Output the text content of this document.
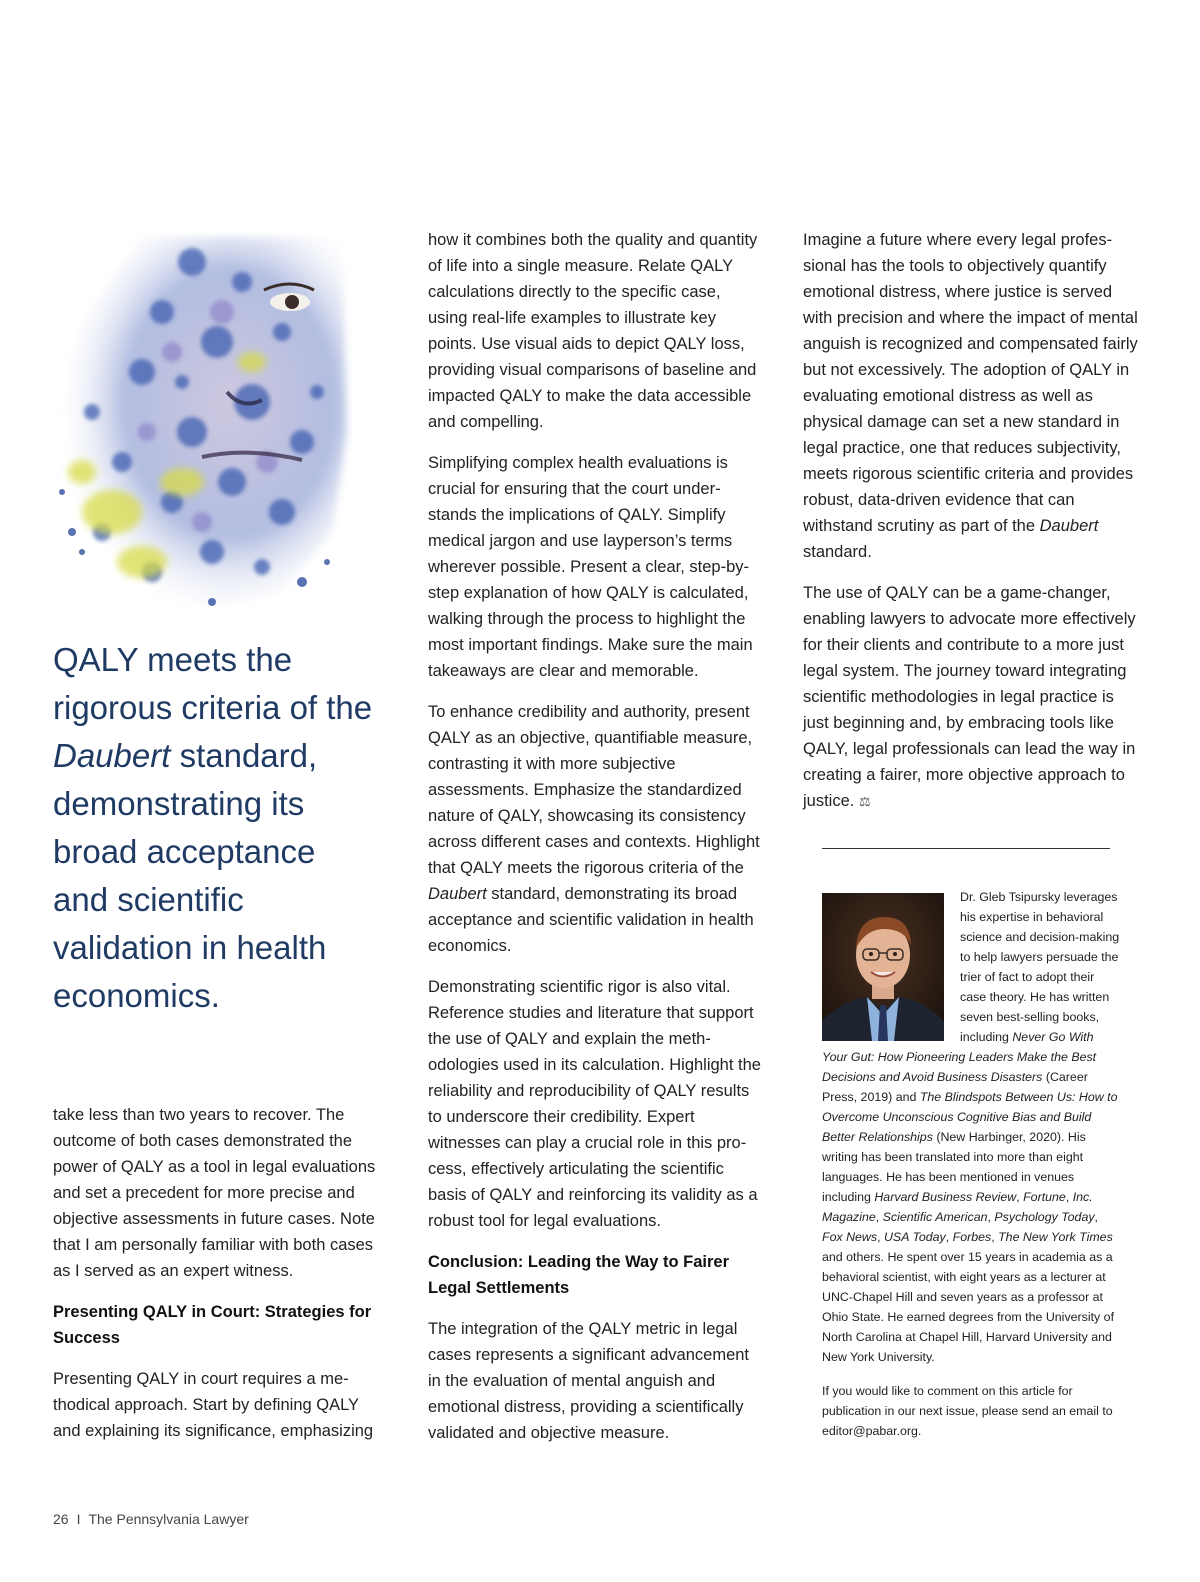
QALY meets the rigorous criteria of the Daubert standard, demonstrating its broad acceptance and scientific validation in health economics.

take less than two years to recover. The outcome of both cases demonstrated the power of QALY as a tool in legal evaluations and set a precedent for more precise and objective assessments in future cases. Note that I am personally familiar with both cases as I served as an expert witness.

Presenting QALY in Court: Strategies for Success

Presenting QALY in court requires a methodical approach. Start by defining QALY and explaining its significance, emphasizing

how it combines both the quality and quantity of life into a single measure. Relate QALY calculations directly to the specific case, using real-life examples to illustrate key points. Use visual aids to depict QALY loss, providing visual comparisons of baseline and impacted QALY to make the data accessible and compelling.

Simplifying complex health evaluations is crucial for ensuring that the court understands the implications of QALY. Simplify medical jargon and use layperson’s terms wherever possible. Present a clear, step-by-step explanation of how QALY is calculated, walking through the process to highlight the most important findings. Make sure the main takeaways are clear and memorable.

To enhance credibility and authority, present QALY as an objective, quantifiable measure, contrasting it with more subjective assessments. Emphasize the standardized nature of QALY, showcasing its consistency across different cases and contexts. Highlight that QALY meets the rigorous criteria of the Daubert standard, demonstrating its broad acceptance and scientific validation in health economics.

Demonstrating scientific rigor is also vital. Reference studies and literature that support the use of QALY and explain the methodologies used in its calculation. Highlight the reliability and reproducibility of QALY results to underscore their credibility. Expert witnesses can play a crucial role in this process, effectively articulating the scientific basis of QALY and reinforcing its validity as a robust tool for legal evaluations.

Conclusion: Leading the Way to Fairer Legal Settlements

The integration of the QALY metric in legal cases represents a significant advancement in the evaluation of mental anguish and emotional distress, providing a scientifically validated and objective measure.

Imagine a future where every legal professional has the tools to objectively quantify emotional distress, where justice is served with precision and where the impact of mental anguish is recognized and compensated fairly but not excessively. The adoption of QALY in evaluating emotional distress as well as physical damage can set a new standard in legal practice, one that reduces subjectivity, meets rigorous scientific criteria and provides robust, data-driven evidence that can withstand scrutiny as part of the Daubert standard.

The use of QALY can be a game-changer, enabling lawyers to advocate more effectively for their clients and contribute to a more just legal system. The journey toward integrating scientific methodologies in legal practice is just beginning and, by embracing tools like QALY, legal professionals can lead the way in creating a fairer, more objective approach to justice. ⚖

Dr. Gleb Tsipursky leverages his expertise in behavioral science and decision-making to help lawyers persuade the trier of fact to adopt their case theory. He has written seven best-selling books, including Never Go With Your Gut: How Pioneering Leaders Make the Best Decisions and Avoid Business Disasters (Career Press, 2019) and The Blindspots Between Us: How to Overcome Unconscious Cognitive Bias and Build Better Relationships (New Harbinger, 2020). His writing has been translated into more than eight languages. He has been mentioned in venues including Harvard Business Review, Fortune, Inc. Magazine, Scientific American, Psychology Today, Fox News, USA Today, Forbes, The New York Times and others. He spent over 15 years in academia as a behavioral scientist, with eight years as a lecturer at UNC-Chapel Hill and seven years as a professor at Ohio State. He earned degrees from the University of North Carolina at Chapel Hill, Harvard University and New York University.

If you would like to comment on this article for publication in our next issue, please send an email to editor@pabar.org.

26 I The Pennsylvania Lawyer
